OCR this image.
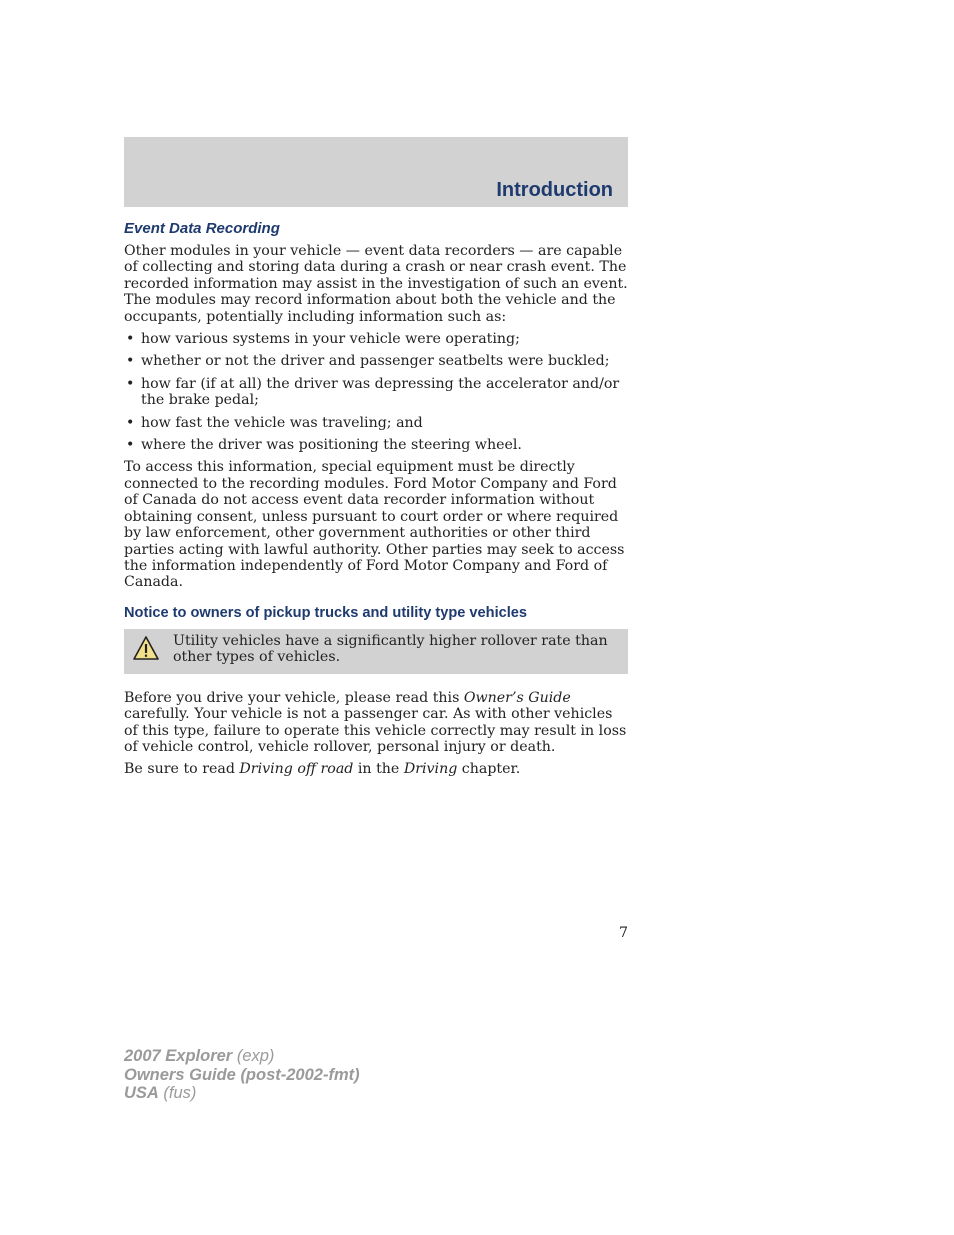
Introduction
Event Data Recording

Other modules in your vehicle — event data recorders — are capable of collecting and storing data during a crash or near crash event. The recorded information may assist in the investigation of such an event. The modules may record information about both the vehicle and the occupants, potentially including information such as:

• how various systems in your vehicle were operating;
• whether or not the driver and passenger seatbelts were buckled;
• how far (if at all) the driver was depressing the accelerator and/or the brake pedal;
• how fast the vehicle was traveling; and
• where the driver was positioning the steering wheel.

To access this information, special equipment must be directly connected to the recording modules. Ford Motor Company and Ford of Canada do not access event data recorder information without obtaining consent, unless pursuant to court order or where required by law enforcement, other government authorities or other third parties acting with lawful authority. Other parties may seek to access the information independently of Ford Motor Company and Ford of Canada.

Notice to owners of pickup trucks and utility type vehicles
Utility vehicles have a significantly higher rollover rate than other types of vehicles.

Before you drive your vehicle, please read this Owner’s Guide carefully. Your vehicle is not a passenger car. As with other vehicles of this type, failure to operate this vehicle correctly may result in loss of vehicle control, vehicle rollover, personal injury or death.

Be sure to read Driving off road in the Driving chapter.

7
2007 Explorer (exp)
Owners Guide (post-2002-fmt)
USA (fus)
